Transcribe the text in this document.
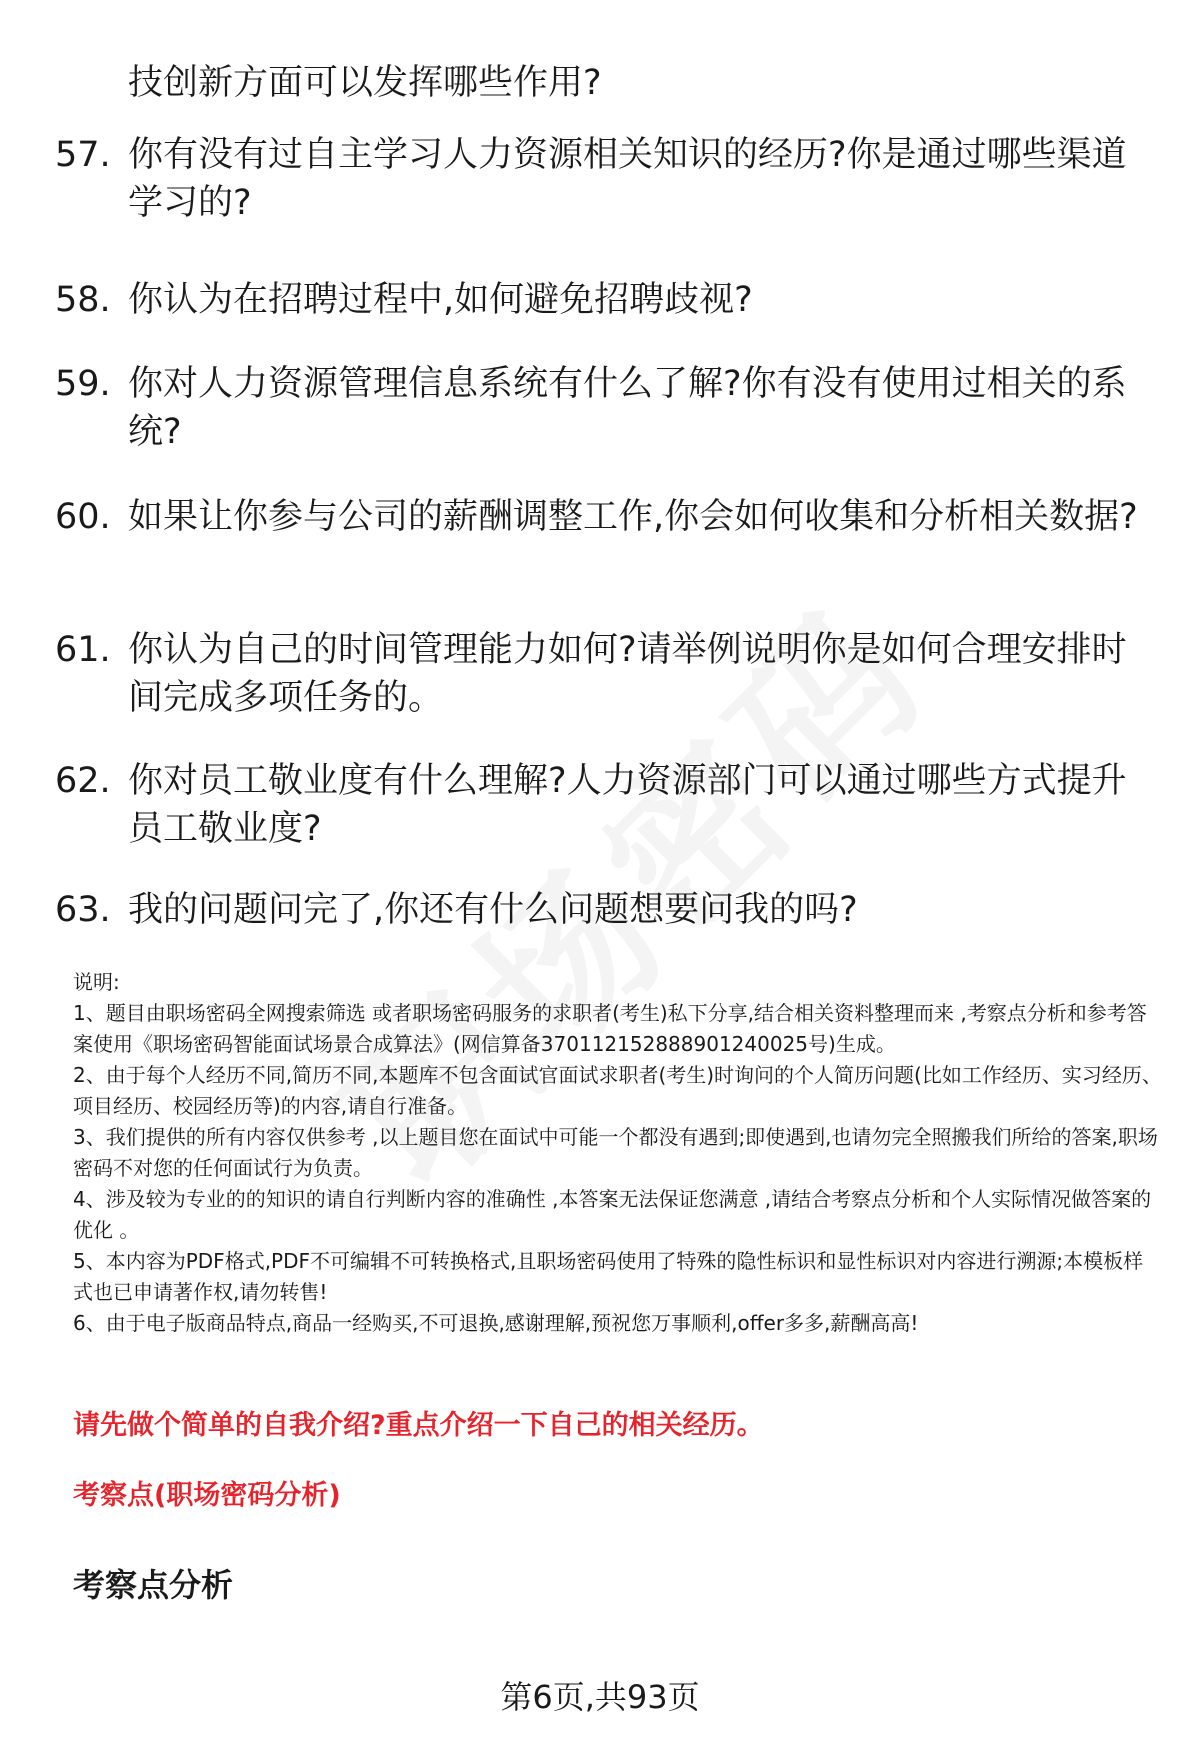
技创新方面可以发挥哪些作用?
57. 你有没有过自主学习人力资源相关知识的经历?你是通过哪些渠道学习的?
58. 你认为在招聘过程中,如何避免招聘歧视?
59. 你对人力资源管理信息系统有什么了解?你有没有使用过相关的系统?
60. 如果让你参与公司的薪酬调整工作,你会如何收集和分析相关数据?
61. 你认为自己的时间管理能力如何?请举例说明你是如何合理安排时间完成多项任务的。
62. 你对员工敬业度有什么理解?人力资源部门可以通过哪些方式提升员工敬业度?
63. 我的问题问完了,你还有什么问题想要问我的吗?

说明:

1、题目由职场密码全网搜索筛选 或者职场密码服务的求职者(考生)私下分享,结合相关资料整理而来 ,考察点分析和参考答案使用《职场密码智能面试场景合成算法》(网信算备370112152888901240025号)生成。

2、由于每个人经历不同,简历不同,本题库不包含面试官面试求职者(考生)时询问的个人简历问题(比如工作经历、实习经历、项目经历、校园经历等)的内容,请自行准备。

3、我们提供的所有内容仅供参考 ,以上题目您在面试中可能一个都没有遇到;即使遇到,也请勿完全照搬我们所给的答案,职场密码不对您的任何面试行为负责。

4、涉及较为专业的的知识的请自行判断内容的准确性 ,本答案无法保证您满意 ,请结合考察点分析和个人实际情况做答案的优化 。

5、本内容为PDF格式,PDF不可编辑不可转换格式,且职场密码使用了特殊的隐性标识和显性标识对内容进行溯源;本模板样式也已申请著作权,请勿转售!

6、由于电子版商品特点,商品一经购买,不可退换,感谢理解,预祝您万事顺利,offer多多,薪酬高高!

请先做个简单的自我介绍?重点介绍一下自己的相关经历。
考察点(职场密码分析)
考察点分析
第6页,共93页
